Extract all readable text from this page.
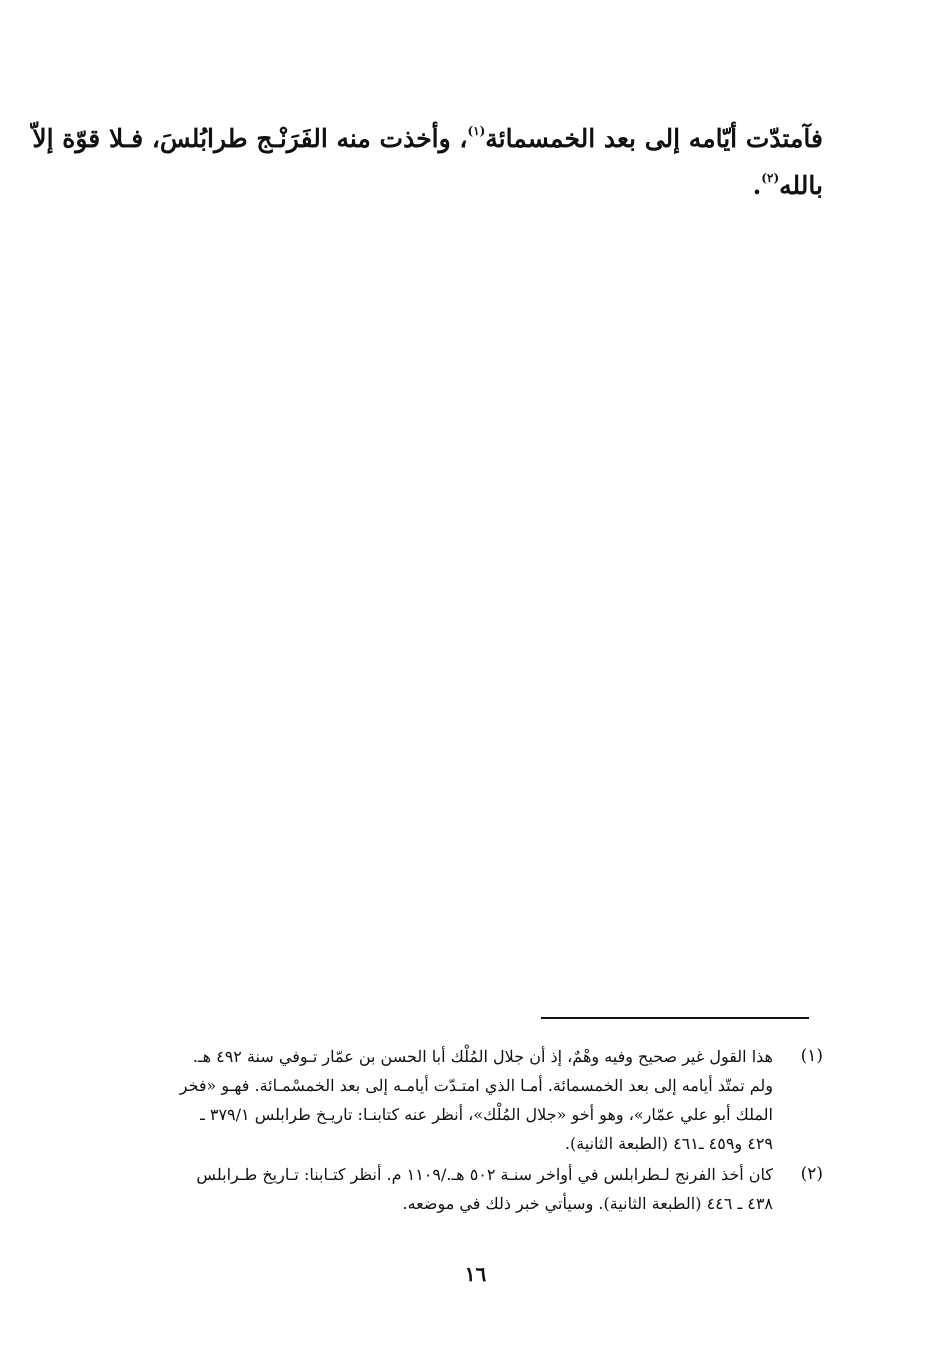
فآمتدّت أيّامه إلى بعد الخمسمائة$^{(١)}$، وأخذت منه الفَرَنْـج طرابُلسَ، فـلا قوّة إلاّ
بالله$^{(٢)}$.
(١)
هذا القول غير صحيح وفيه وهْمٌ، إذ أن جلال المُلْك أبا الحسن بن عمّار تـوفي سنة ٤٩٢ هـ.
ولم تمتّد أيامه إلى بعد الخمسمائة. أمـا الذي امتـدّت أيامـه إلى بعد الخمسْمـائة. فهـو «فخر
الملك أبو علي عمّار»، وهو أخو «جلال المُلْك»، أنظر عنه كتابنـا: تاريـخ طرابلس ٣٧٩/١ ـ
٤٢٩ و٤٥٩ ـ٤٦١ (الطبعة الثانية).
(٢)
كان أخذ الفرنج لـطرابلس في أواخر سنـة ٥٠٢ هـ./١١٠٩ م. أنظر كتـابنا: تـاريخ طـرابلس
٤٣٨ ـ ٤٤٦ (الطبعة الثانية). وسيأتي خبر ذلك في موضعه.
١٦
